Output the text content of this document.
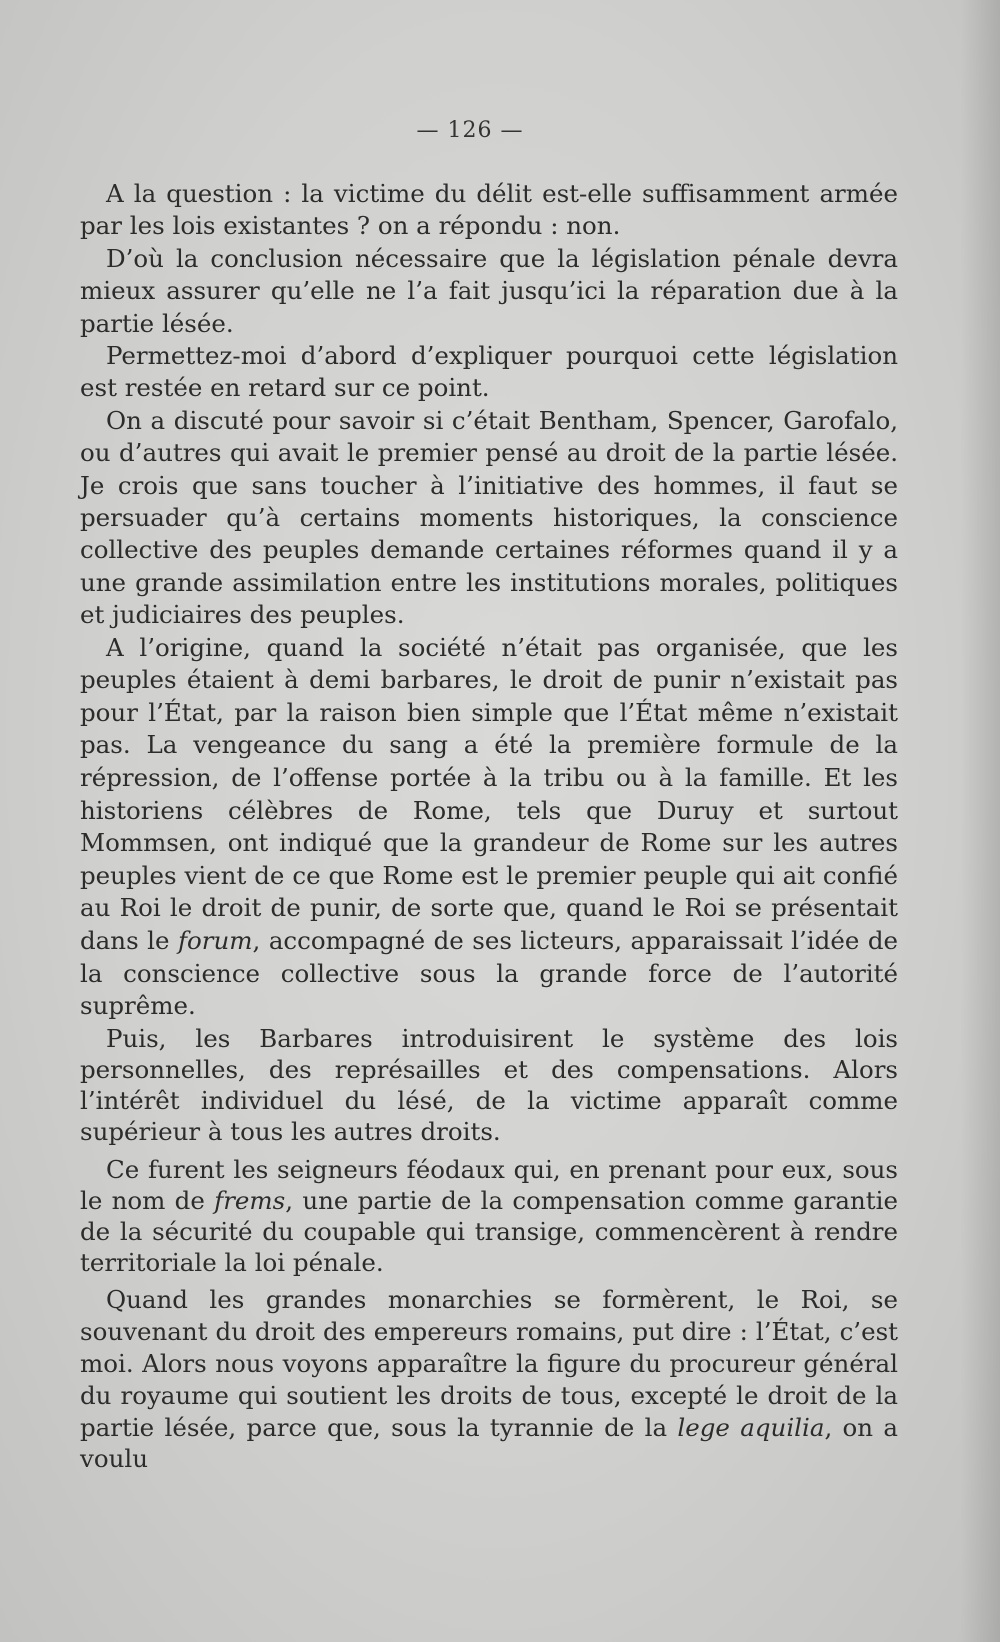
— 126 —

A la question : la victime du délit est-elle suffisamment armée par les lois existantes ? on a répondu : non.

D’où la conclusion nécessaire que la législation pénale devra mieux assurer qu’elle ne l’a fait jusqu’ici la réparation due à la partie lésée.

Permettez-moi d’abord d’expliquer pourquoi cette législation est restée en retard sur ce point.

On a discuté pour savoir si c’était Bentham, Spencer, Garofalo, ou d’autres qui avait le premier pensé au droit de la partie lésée. Je crois que sans toucher à l’initiative des hommes, il faut se persuader qu’à certains moments historiques, la conscience collective des peuples demande certaines réformes quand il y a une grande assimilation entre les institutions morales, politiques et judiciaires des peuples.

A l’origine, quand la société n’était pas organisée, que les peuples étaient à demi barbares, le droit de punir n’existait pas pour l’État, par la raison bien simple que l’État même n’existait pas. La vengeance du sang a été la première formule de la répression, de l’offense portée à la tribu ou à la famille. Et les historiens célèbres de Rome, tels que Duruy et surtout Mommsen, ont indiqué que la grandeur de Rome sur les autres peuples vient de ce que Rome est le premier peuple qui ait confié au Roi le droit de punir, de sorte que, quand le Roi se présentait dans le forum, accompagné de ses licteurs, apparaissait l’idée de la conscience collective sous la grande force de l’autorité suprême.

Puis, les Barbares introduisirent le système des lois personnelles, des représailles et des compensations. Alors l’intérêt individuel du lésé, de la victime apparaît comme supérieur à tous les autres droits.

Ce furent les seigneurs féodaux qui, en prenant pour eux, sous le nom de frems, une partie de la compensation comme garantie de la sécurité du coupable qui transige, commencèrent à rendre territoriale la loi pénale.

Quand les grandes monarchies se formèrent, le Roi, se souvenant du droit des empereurs romains, put dire : l’État, c’est moi. Alors nous voyons apparaître la figure du procureur général du royaume qui soutient les droits de tous, excepté le droit de la partie lésée, parce que, sous la tyrannie de la lege aquilia, on a voulu
